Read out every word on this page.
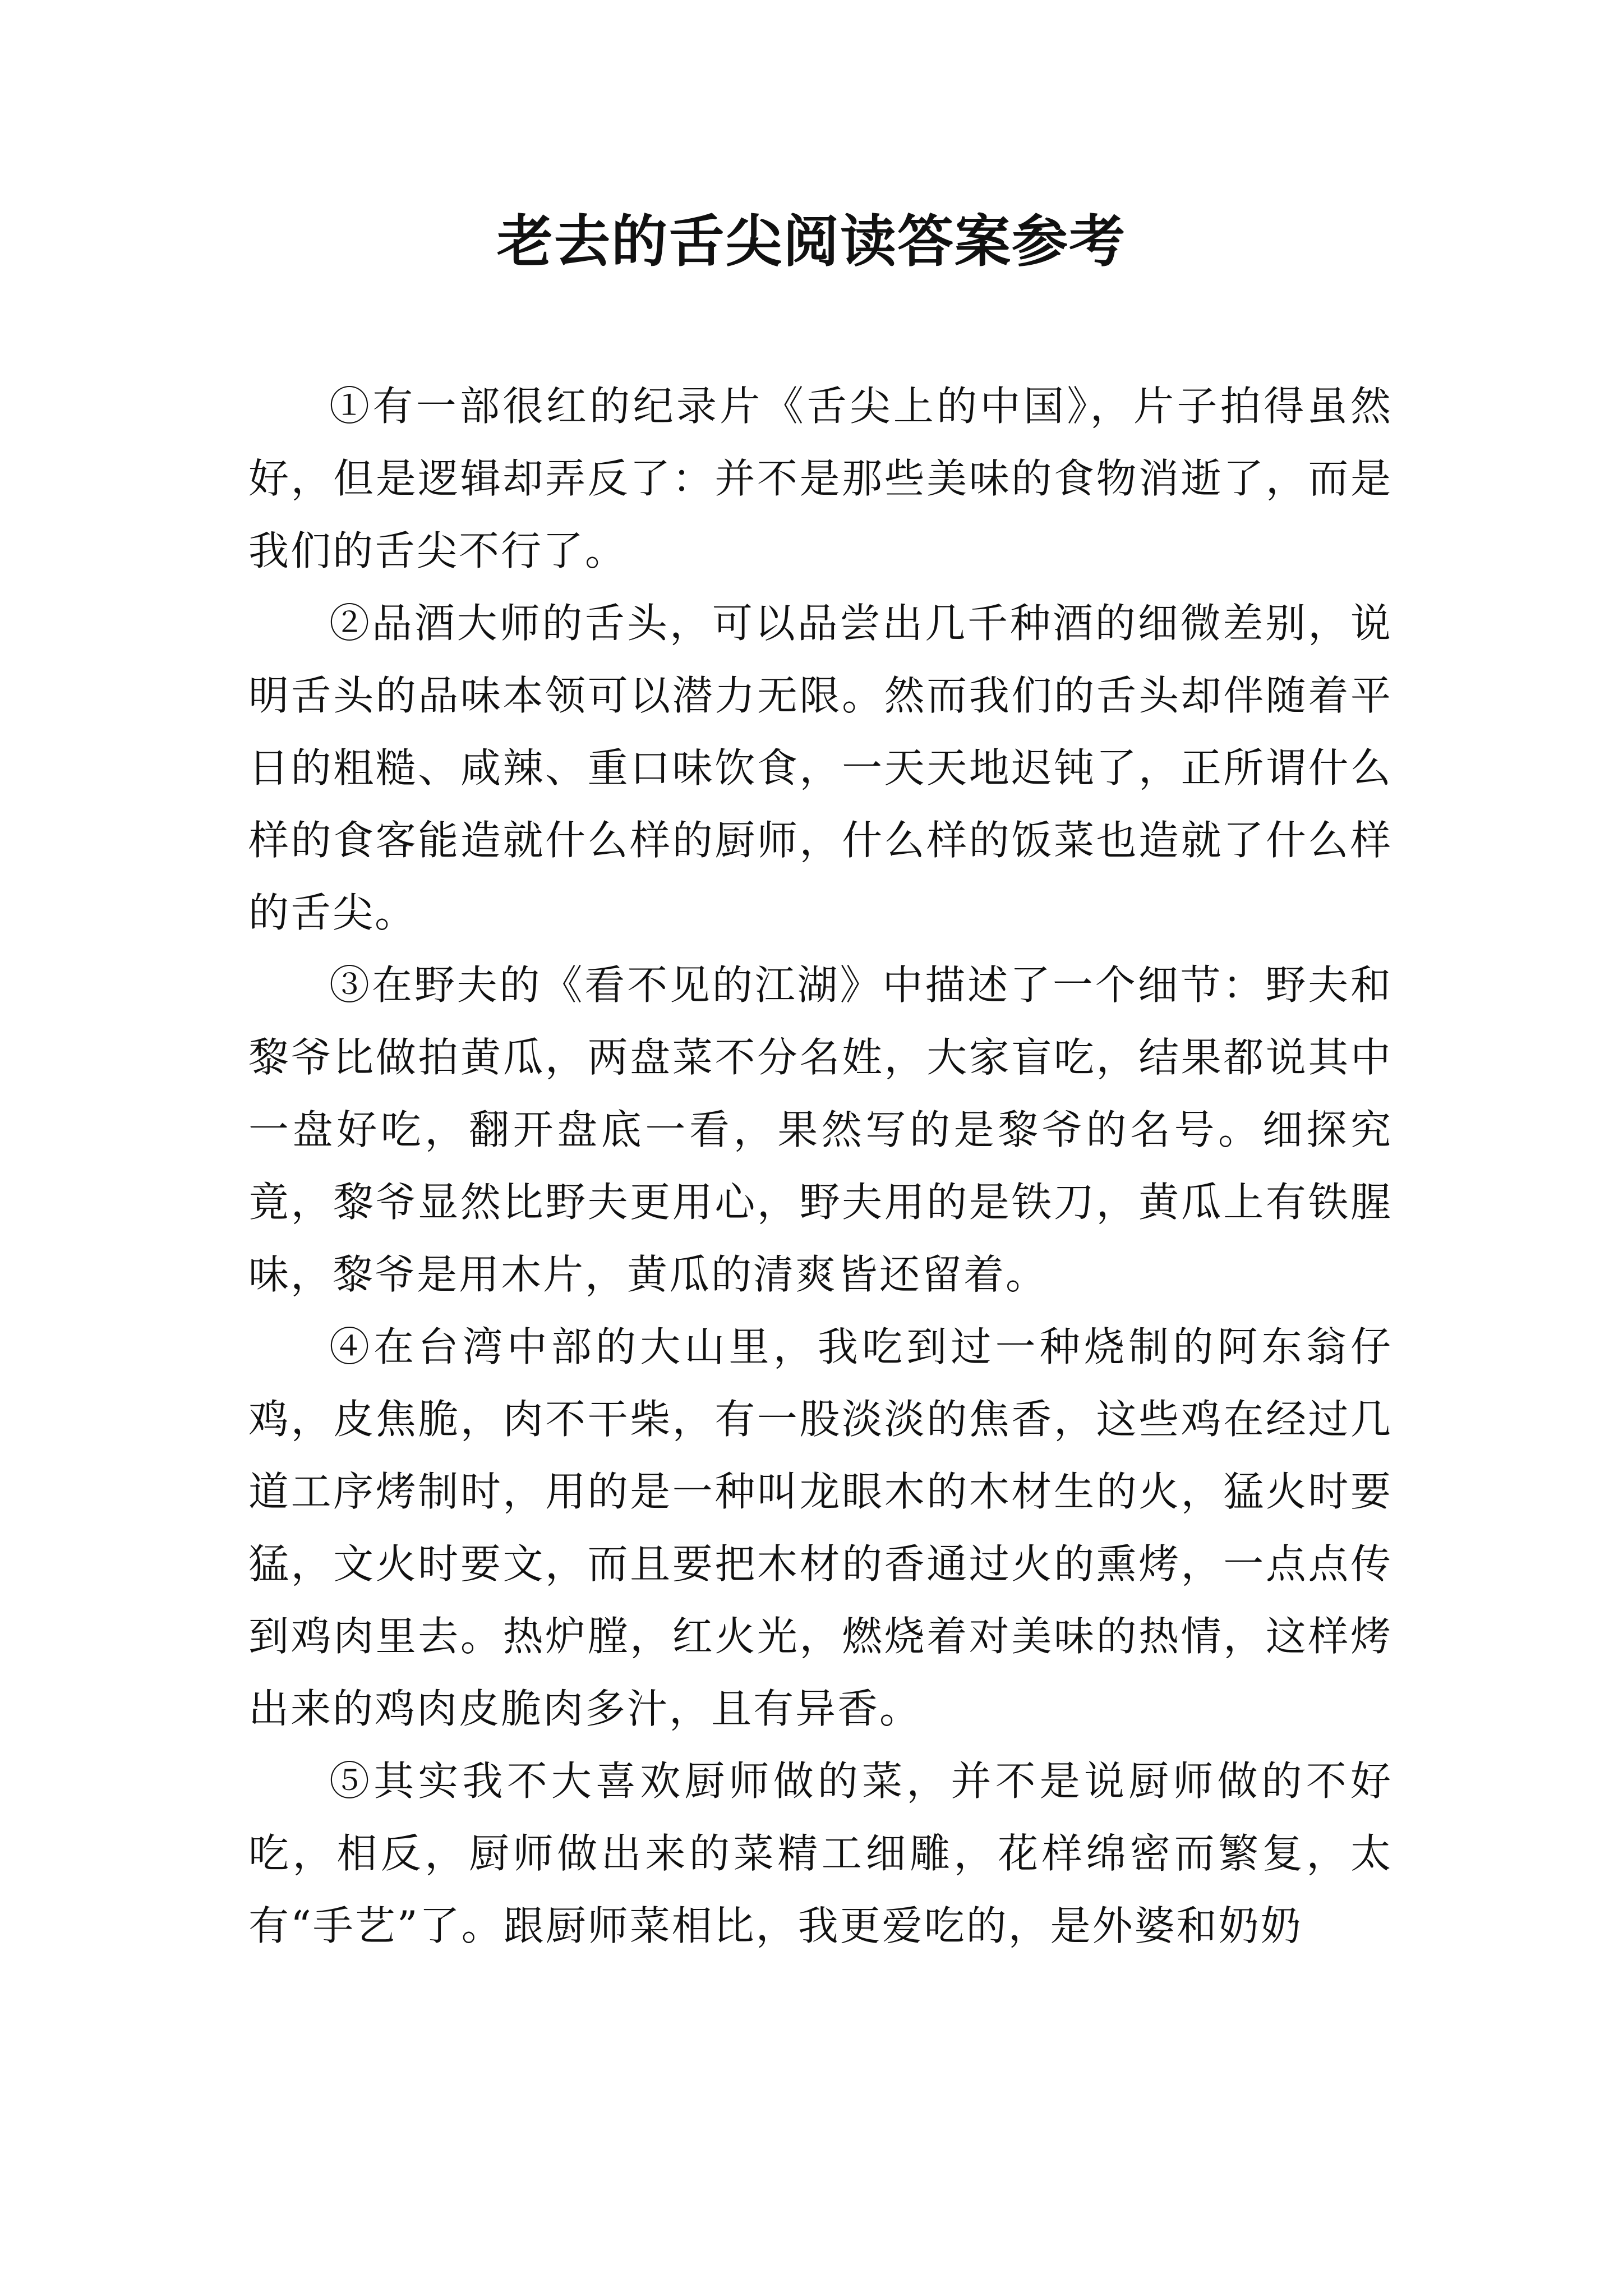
老去的舌尖阅读答案参考

①有一部很红的纪录片《舌尖上的中国》，片子拍得虽然好，但是逻辑却弄反了：并不是那些美味的食物消逝了，而是我们的舌尖不行了。

②品酒大师的舌头，可以品尝出几千种酒的细微差别，说明舌头的品味本领可以潜力无限。然而我们的舌头却伴随着平日的粗糙、咸辣、重口味饮食，一天天地迟钝了，正所谓什么样的食客能造就什么样的厨师，什么样的饭菜也造就了什么样的舌尖。

③在野夫的《看不见的江湖》中描述了一个细节：野夫和黎爷比做拍黄瓜，两盘菜不分名姓，大家盲吃，结果都说其中一盘好吃，翻开盘底一看，果然写的是黎爷的名号。细探究竟，黎爷显然比野夫更用心，野夫用的是铁刀，黄瓜上有铁腥味，黎爷是用木片，黄瓜的清爽皆还留着。

④在台湾中部的大山里，我吃到过一种烧制的阿东翁仔鸡，皮焦脆，肉不干柴，有一股淡淡的焦香，这些鸡在经过几道工序烤制时，用的是一种叫龙眼木的木材生的火，猛火时要猛，文火时要文，而且要把木材的香通过火的熏烤，一点点传到鸡肉里去。热炉膛，红火光，燃烧着对美味的热情，这样烤出来的鸡肉皮脆肉多汁，且有异香。

⑤其实我不大喜欢厨师做的菜，并不是说厨师做的不好吃，相反，厨师做出来的菜精工细雕，花样绵密而繁复，太有“手艺”了。跟厨师菜相比，我更爱吃的，是外婆和奶奶
